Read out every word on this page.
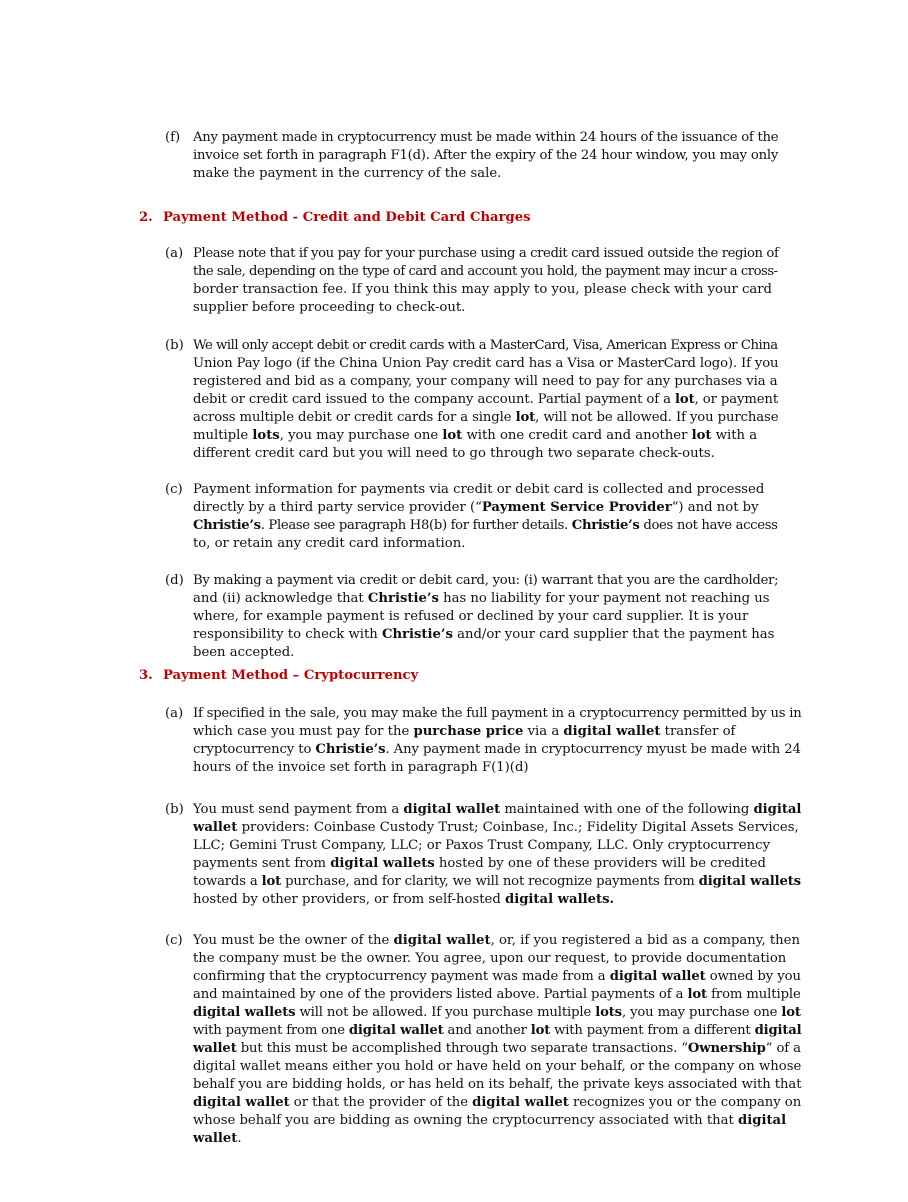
(f) Any payment made in cryptocurrency must be made within 24 hours of the issuance of the
invoice set forth in paragraph F1(d). After the expiry of the 24 hour window, you may only
make the payment in the currency of the sale.
2. Payment Method - Credit and Debit Card Charges
(a) Please note that if you pay for your purchase using a credit card issued outside the region of
the sale, depending on the type of card and account you hold, the payment may incur a cross-
border transaction fee. If you think this may apply to you, please check with your card
supplier before proceeding to check-out.
(b) We will only accept debit or credit cards with a MasterCard, Visa, American Express or China
Union Pay logo (if the China Union Pay credit card has a Visa or MasterCard logo). If you
registered and bid as a company, your company will need to pay for any purchases via a
debit or credit card issued to the company account. Partial payment of a lot, or payment
across multiple debit or credit cards for a single lot, will not be allowed. If you purchase
multiple lots, you may purchase one lot with one credit card and another lot with a
different credit card but you will need to go through two separate check-outs.
(c) Payment information for payments via credit or debit card is collected and processed
directly by a third party service provider (“Payment Service Provider”) and not by
Christie’s. Please see paragraph H8(b) for further details. Christie’s does not have access
to, or retain any credit card information.
(d) By making a payment via credit or debit card, you: (i) warrant that you are the cardholder;
and (ii) acknowledge that Christie’s has no liability for your payment not reaching us
where, for example payment is refused or declined by your card supplier. It is your
responsibility to check with Christie’s and/or your card supplier that the payment has
been accepted.
3. Payment Method – Cryptocurrency
(a) If specified in the sale, you may make the full payment in a cryptocurrency permitted by us in
which case you must pay for the purchase price via a digital wallet transfer of
cryptocurrency to Christie’s. Any payment made in cryptocurrency myust be made with 24
hours of the invoice set forth in paragraph F(1)(d)
(b) You must send payment from a digital wallet maintained with one of the following digital
wallet providers: Coinbase Custody Trust; Coinbase, Inc.; Fidelity Digital Assets Services,
LLC; Gemini Trust Company, LLC; or Paxos Trust Company, LLC. Only cryptocurrency
payments sent from digital wallets hosted by one of these providers will be credited
towards a lot purchase, and for clarity, we will not recognize payments from digital wallets
hosted by other providers, or from self-hosted digital wallets.
(c) You must be the owner of the digital wallet, or, if you registered a bid as a company, then
the company must be the owner. You agree, upon our request, to provide documentation
confirming that the cryptocurrency payment was made from a digital wallet owned by you
and maintained by one of the providers listed above. Partial payments of a lot from multiple
digital wallets will not be allowed. If you purchase multiple lots, you may purchase one lot
with payment from one digital wallet and another lot with payment from a different digital
wallet but this must be accomplished through two separate transactions. “Ownership” of a
digital wallet means either you hold or have held on your behalf, or the company on whose
behalf you are bidding holds, or has held on its behalf, the private keys associated with that
digital wallet or that the provider of the digital wallet recognizes you or the company on
whose behalf you are bidding as owning the cryptocurrency associated with that digital
wallet.
